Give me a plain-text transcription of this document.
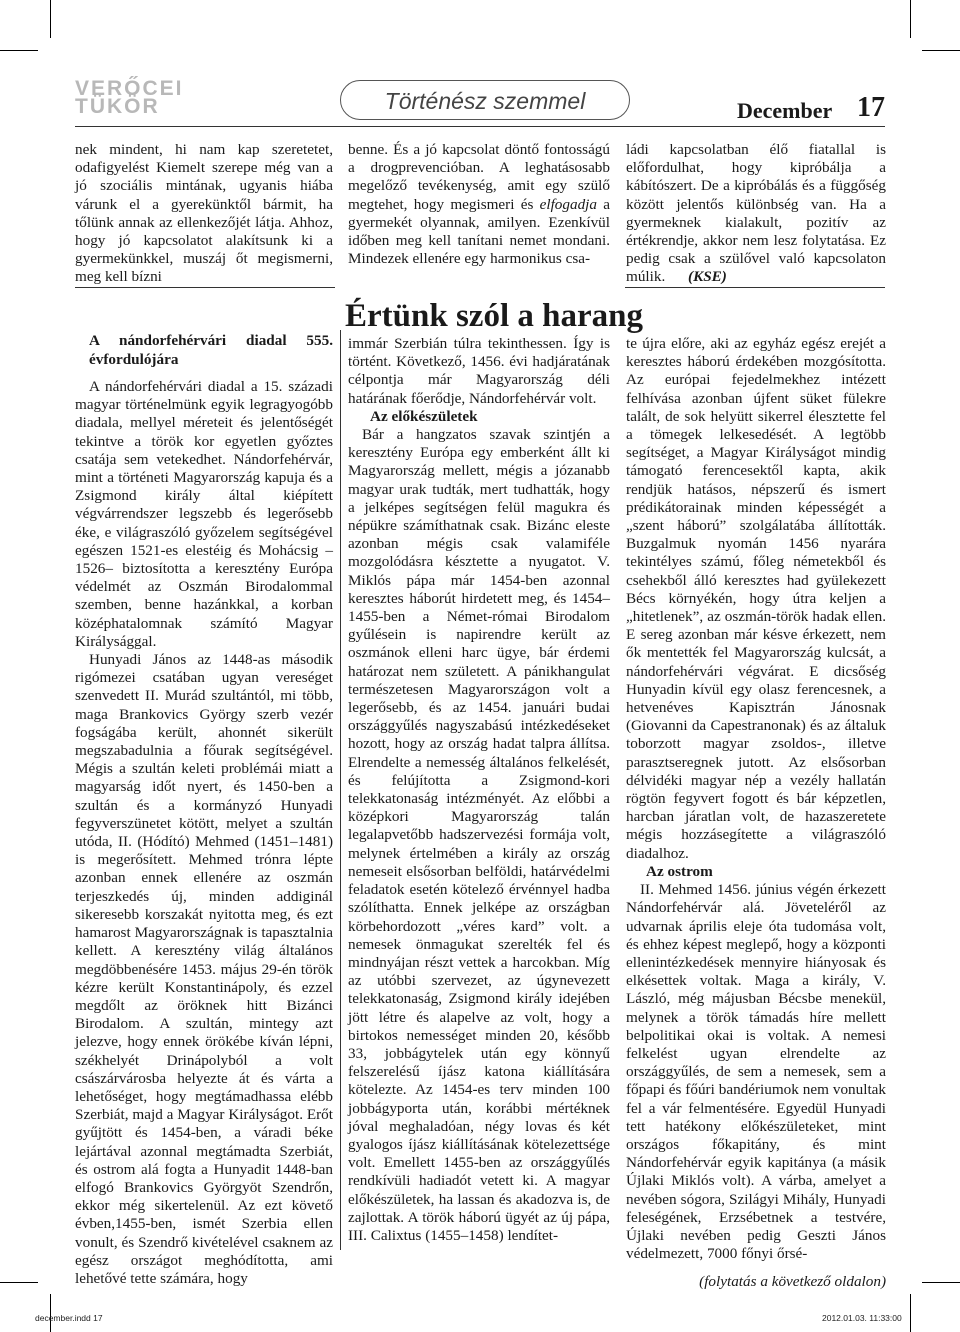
VERŐCEI
TÜKÖR	Történész szemmel	December 17

nek mindent, hi nam kap szeretetet, odafigyelést Kiemelt szerepe még van a jó szociális mintának, ugyanis hiába várunk el a gyerekünktől bármit, ha tőlünk annak az ellenkezőjét látja. Ahhoz, hogy jó kapcsolatot alakítsunk ki a gyermekünkkel, muszáj őt megismerni, meg kell bízni

benne. És a jó kapcsolat döntő fontosságú a drogprevencióban. A leghatásosabb megelőző tevékenység, amit egy szülő megtehet, hogy megismeri és elfogadja a gyermekét olyannak, amilyen. Ezenkívül időben meg kell tanítani nemet mondani. Mindezek ellenére egy harmonikus csa-

ládi kapcsolatban élő fiatallal is előfordulhat, hogy kipróbálja a kábítószert. De a kipróbálás és a függőség között jelentős különbség van. Ha a gyermeknek kialakult, pozitív az értékrendje, akkor nem lesz folytatása. Ez pedig csak a szülővel való kapcsolaton múlik. (KSE)

Értünk szól a harang

A nándorfehérvári diadal 555. évfordulójára

A nándorfehérvári diadal a 15. századi magyar történelmünk egyik legragyogóbb diadala, mellyel méreteit és jelentőségét tekintve a török kor egyetlen győztes csatája sem vetekedhet. Nándorfehérvár, mint a történeti Magyarország kapuja és a Zsigmond király által kiépített végvárrendszer legszebb és legerősebb éke, e világraszóló győzelem segítségével egészen 1521-es elestéig és Mohácsig –1526– biztosította a keresztény Európa védelmét az Oszmán Birodalommal szemben, benne hazánkkal, a korban középhatalomnak számító Magyar Királysággal.

Hunyadi János az 1448-as második rigómezei csatában ugyan vereséget szenvedett II. Murád szultántól, mi több, maga Brankovics György szerb vezér fogságába került, ahonnét sikerült megszabadulnia a főurak segítségével. Mégis a szultán keleti problémái miatt a magyarság időt nyert, és 1450-ben a szultán és a kormányzó Hunyadi fegyverszünetet kötött, melyet a szultán utóda, II. (Hódító) Mehmed (1451–1481) is megerősített. Mehmed trónra lépte azonban ennek ellenére az oszmán terjeszkedés új, minden addiginál sikeresebb korszakát nyitotta meg, és ezt hamarost Magyarországnak is tapasztalnia kellett. A keresztény világ általános megdöbbenésére 1453. május 29-én török kézre került Konstantinápoly, és ezzel megdőlt az öröknek hitt Bizánci Birodalom. A szultán, mintegy azt jelezve, hogy ennek örökébe kíván lépni, székhelyét Drinápolyból a volt császárvárosba helyezte át és várta a lehetőséget, hogy megtámadhassa elébb Szerbiát, majd a Magyar Királyságot. Erőt gyűjtött és 1454-ben, a váradi béke lejártával azonnal megtámadta Szerbiát, és ostrom alá fogta a Hunyadit 1448-ban elfogó Brankovics Györgyöt Szendrőn, ekkor még sikertelenül. Az ezt követő évben,1455-ben, ismét Szerbia ellen vonult, és Szendrő kivételével csaknem az egész országot meghódította, ami lehetővé tette számára, hogy

immár Szerbián túlra tekinthessen. Így is történt. Következő, 1456. évi hadjáratának célpontja már Magyarország déli határának főerődje, Nándorfehérvár volt.

Az előkészületek

Bár a hangzatos szavak szintjén a keresztény Európa egy emberként állt ki Magyarország mellett, mégis a józanabb magyar urak tudták, mert tudhatták, hogy a jelképes segítségen felül magukra és népükre számíthatnak csak. Bizánc eleste azonban mégis csak valamiféle mozgolódásra késztette a nyugatot. V. Miklós pápa már 1454-ben azonnal keresztes háborút hirdetett meg, és 1454–1455-ben a Német-római Birodalom gyűlésein is napirendre került az oszmánok elleni harc ügye, bár érdemi határozat nem született. A pánikhangulat természetesen Magyarországon volt a legerősebb, és az 1454. januári budai országgyűlés nagyszabású intézkedéseket hozott, hogy az ország hadat talpra állítsa. Elrendelte a nemesség általános felkelését, és felújította a Zsigmond-kori telekkatonaság intézményét. Az előbbi a középkori Magyarország talán legalapvetőbb hadszervezési formája volt, melynek értelmében a király az ország nemeseit elsősorban belföldi, határvédelmi feladatok esetén kötelező érvénnyel hadba szólíthatta. Ennek jelképe az országban körbehordozott „véres kard” volt. a nemesek önmagukat szerelték fel és mindnyájan részt vettek a harcokban. Míg az utóbbi szervezet, az úgynevezett telekkatonaság, Zsigmond király idejében jött létre és alapelve az volt, hogy a birtokos nemességet minden 20, később 33, jobbágytelek után egy könnyű felszerelésű íjász katona kiállítására kötelezte. Az 1454-es terv minden 100 jobbágyporta után, korábbi mértéknek jóval meghaladóan, négy lovas és két gyalogos íjász kiállításának kötelezettsége volt. Emellett 1455-ben az országgyűlés rendkívüli hadiadót vetett ki. A magyar előkészületek, ha lassan és akadozva is, de zajlottak. A török háború ügyét az új pápa, III. Calixtus (1455–1458) lendítet-

te újra előre, aki az egyház egész erejét a keresztes háború érdekében mozgósította. Az európai fejedelmekhez intézett felhívása azonban újfent süket fülekre talált, de sok helyütt sikerrel élesztette fel a tömegek lelkesedését. A legtöbb segítséget, a Magyar Királyságot mindig támogató ferencesektől kapta, akik rendjük hatásos, népszerű és ismert prédikátorainak minden képességét a „szent háború” szolgálatába állították. Buzgalmuk nyomán 1456 nyarára tekintélyes számú, főleg németekből és csehekből álló keresztes had gyülekezett Bécs környékén, hogy útra keljen a „hitetlenek”, az oszmán-török hadak ellen. E sereg azonban már késve érkezett, nem ők mentették fel Magyarország kulcsát, a nándorfehérvári végvárat. E dicsőség Hunyadin kívül egy olasz ferencesnek, a hetvenéves Kapisztrán Jánosnak (Giovanni da Capestranonak) és az általuk toborzott magyar zsoldos-, illetve parasztseregnek jutott. Az elsősorban délvidéki magyar nép a vezély hallatán rögtön fegyvert fogott és bár képzetlen, harcban járatlan volt, de hazaszeretete mégis hozzásegítette a világraszóló diadalhoz.

Az ostrom

II. Mehmed 1456. június végén érkezett Nándorfehérvár alá. Jöveteléről az udvarnak április eleje óta tudomása volt, és ehhez képest meglepő, hogy a központi ellenintézkedések mennyire hiányosak és elkésettek voltak. Maga a király, V. László, még májusban Bécsbe menekül, melynek a török támadás híre mellett belpolitikai okai is voltak. A nemesi felkelést ugyan elrendelte az országgyűlés, de sem a nemesek, sem a főpapi és főúri bandériumok nem vonultak fel a vár felmentésére. Egyedül Hunyadi tett hatékony előkészületeket, mint országos főkapitány, és mint Nándorfehérvár egyik kapitánya (a másik Újlaki Miklós volt). A várba, amelyet a nevében sógora, Szilágyi Mihály, Hunyadi feleségének, Erzsébetnek a testvére, Újlaki nevében pedig Geszti János védelmezett, 7000 főnyi őrsé-

(folytatás a következő oldalon)

december.indd 17	2012.01.03. 11:33:00
